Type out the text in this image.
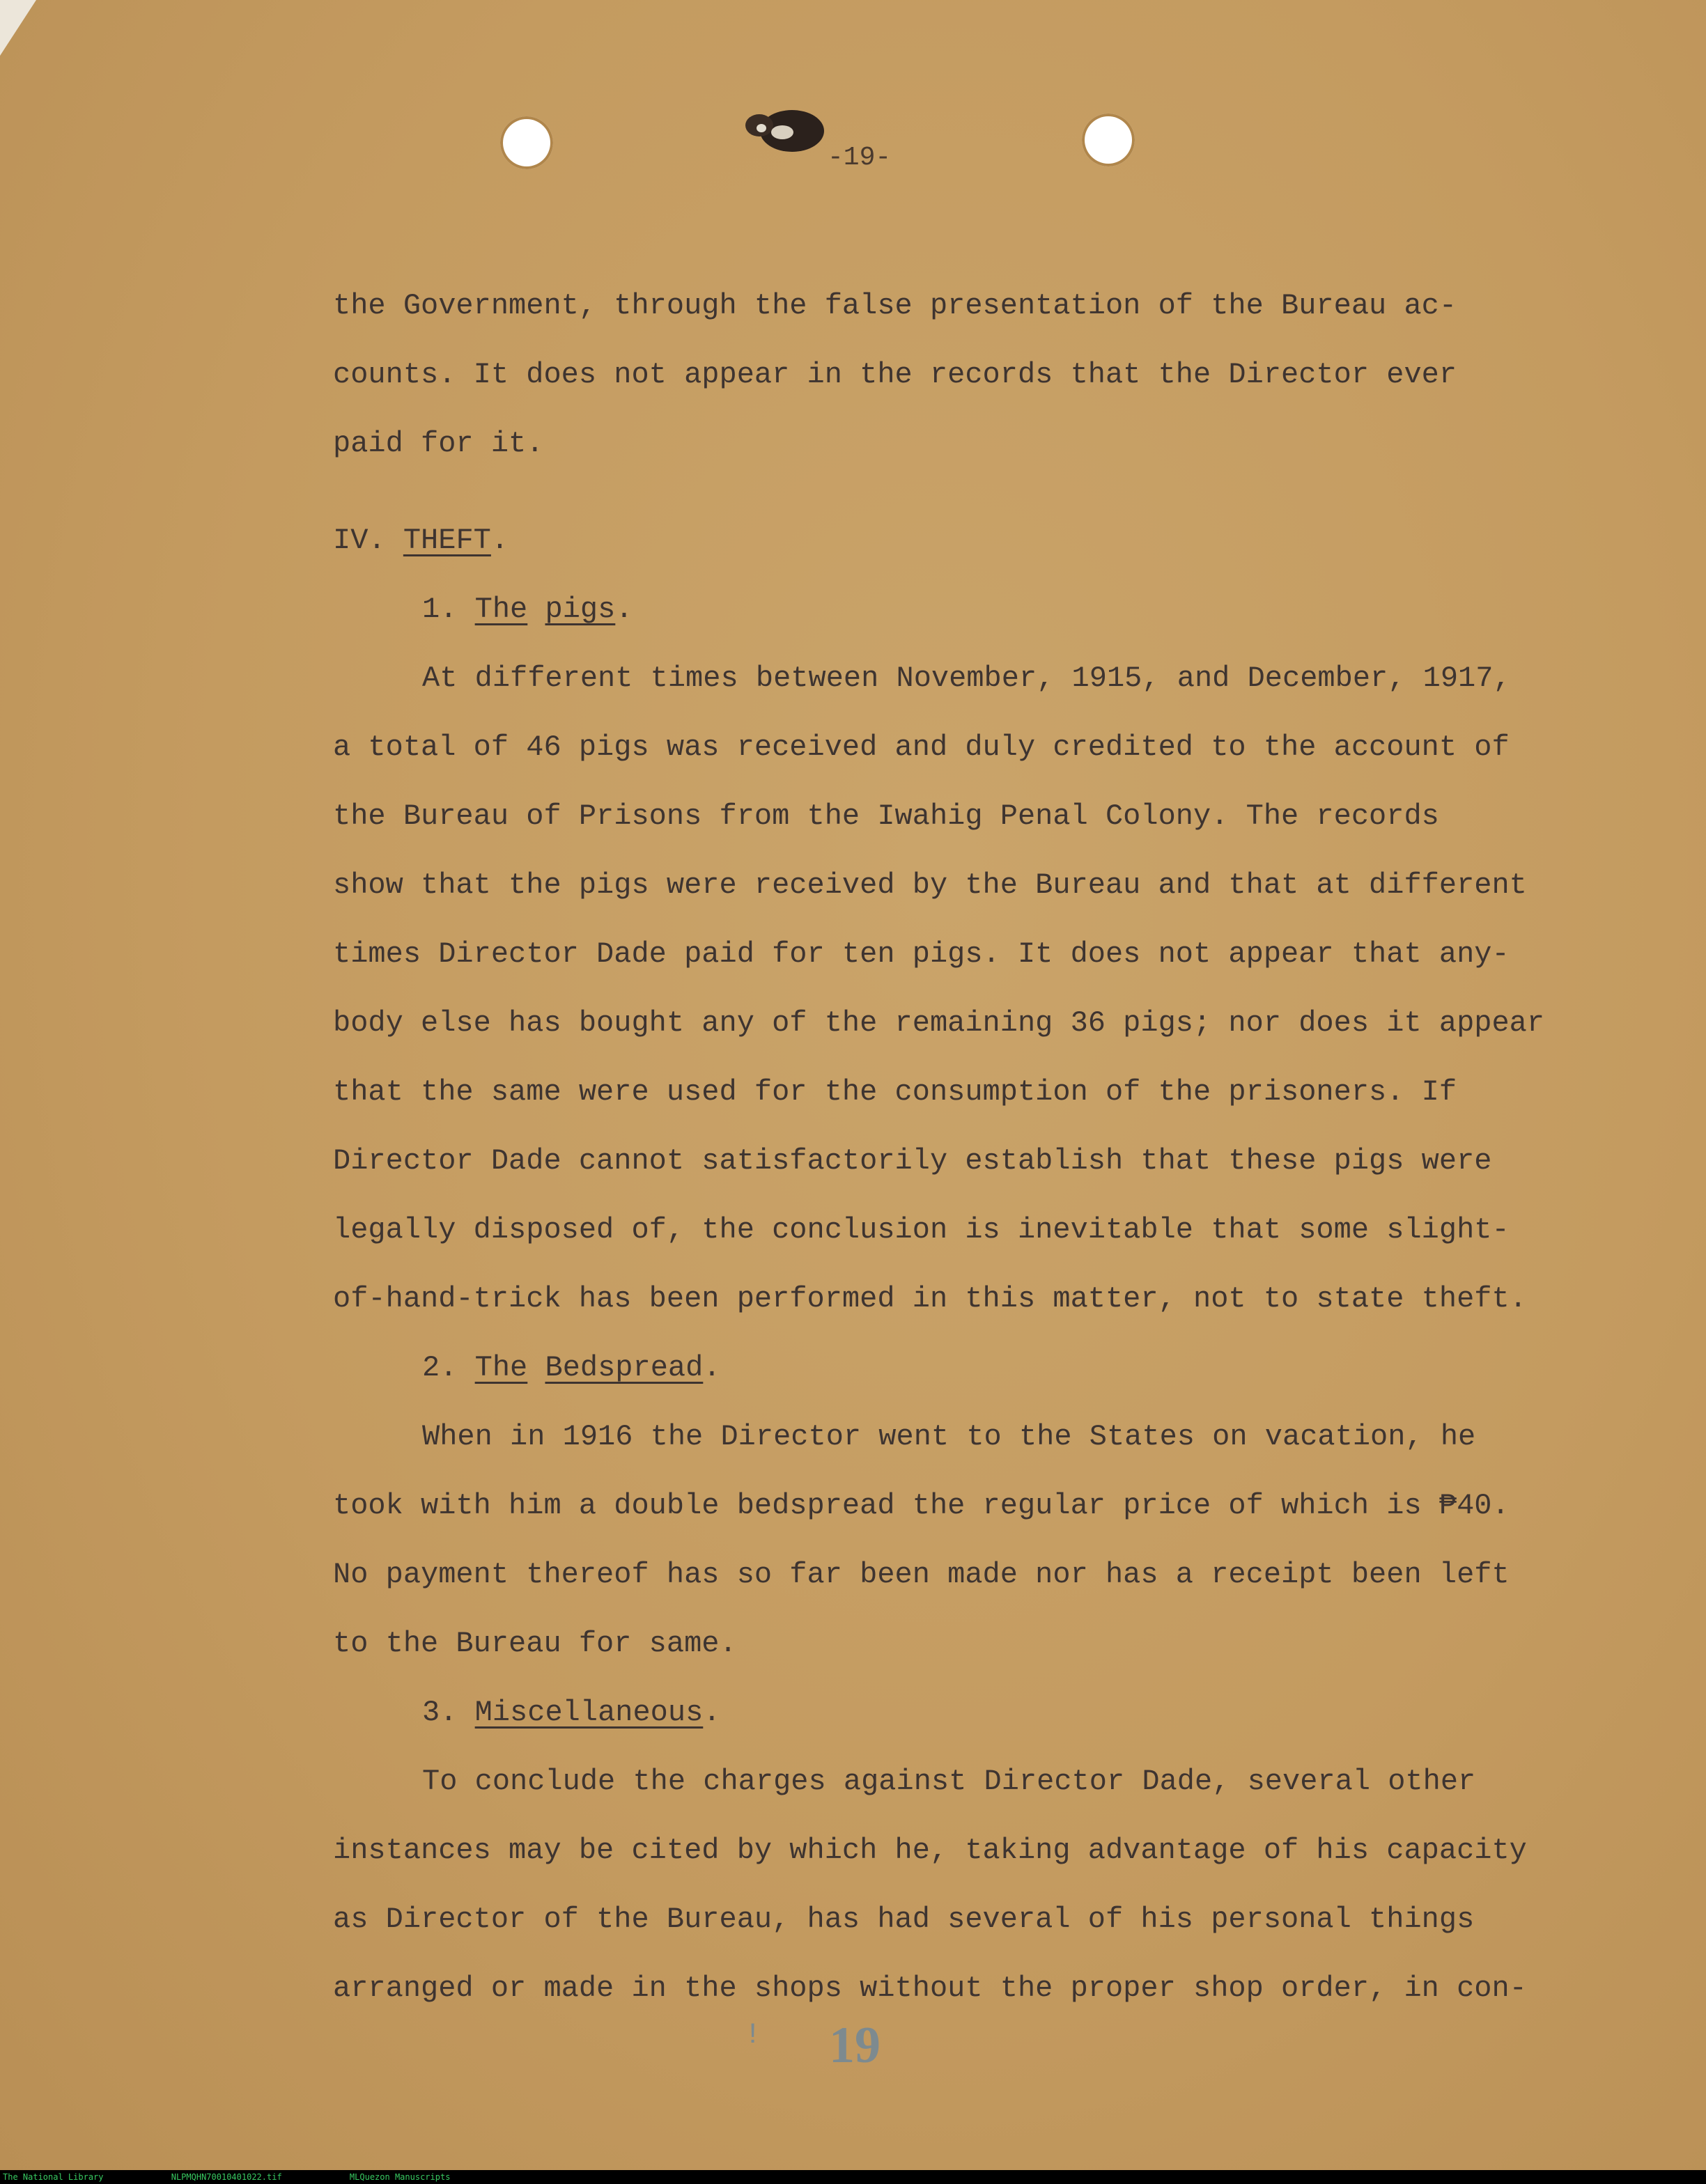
-19-
the Government, through the false presentation of the Bureau ac-
counts. It does not appear in the records that the Director ever
paid for it.
IV. THEFT.
1. The pigs.
At different times between November, 1915, and December, 1917,
a total of 46 pigs was received and duly credited to the account of
the Bureau of Prisons from the Iwahig Penal Colony. The records
show that the pigs were received by the Bureau and that at different
times Director Dade paid for ten pigs. It does not appear that any-
body else has bought any of the remaining 36 pigs; nor does it appear
that the same were used for the consumption of the prisoners. If
Director Dade cannot satisfactorily establish that these pigs were
legally disposed of, the conclusion is inevitable that some slight-
of-hand-trick has been performed in this matter, not to state theft.
2. The Bedspread.
When in 1916 the Director went to the States on vacation, he
took with him a double bedspread the regular price of which is ₱40.
No payment thereof has so far been made nor has a receipt been left
to the Bureau for same.
3. Miscellaneous.
To conclude the charges against Director Dade, several other
instances may be cited by which he, taking advantage of his capacity
as Director of the Bureau, has had several of his personal things
arranged or made in the shops without the proper shop order, in con-
! 19
The National Library	NLPMQHN70010401022.tif	MLQuezon Manuscripts
